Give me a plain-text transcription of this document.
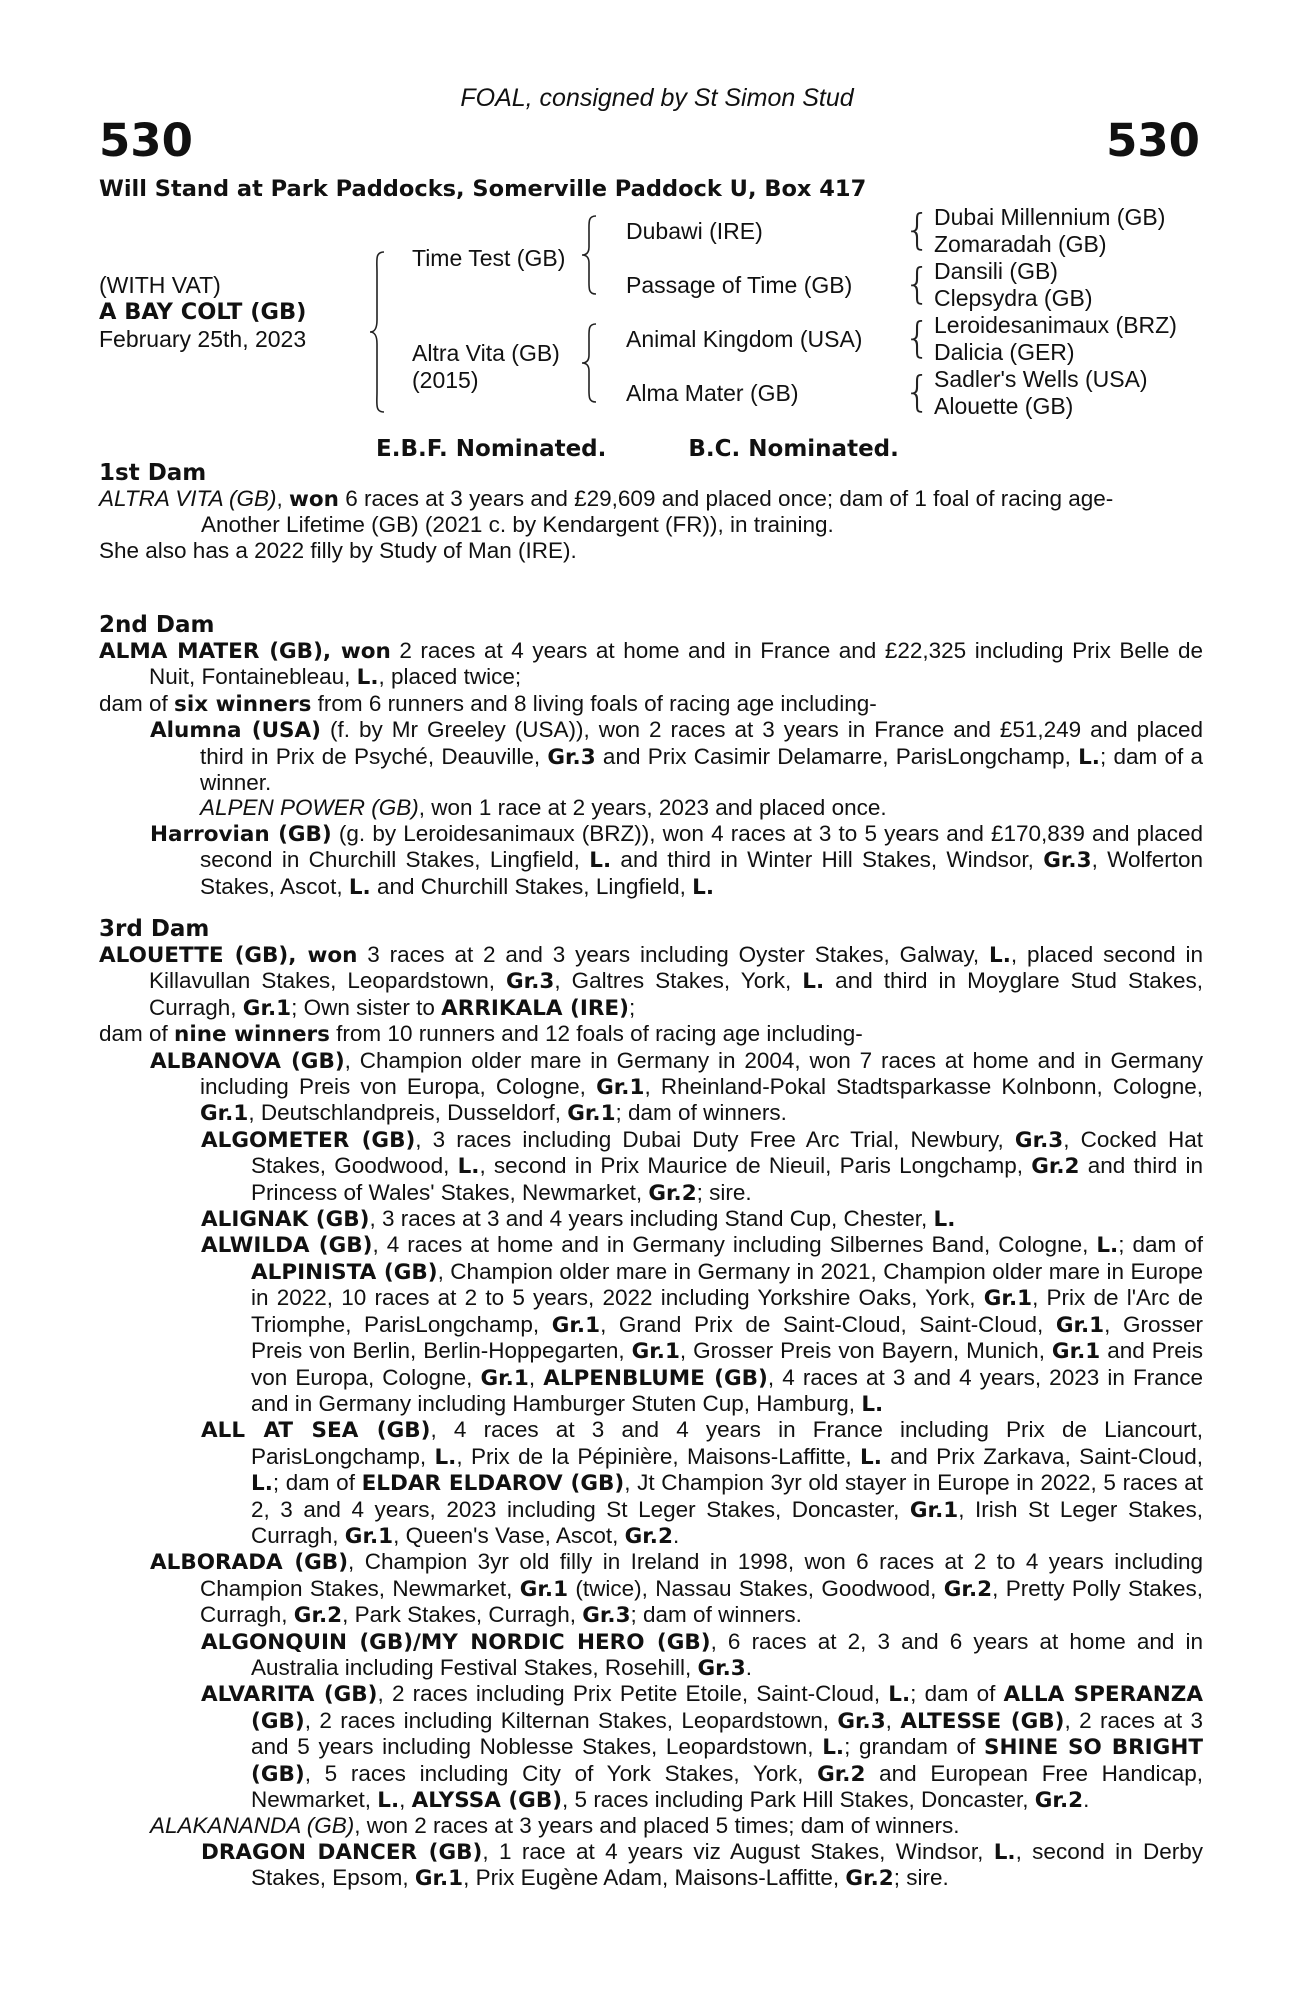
530
FOAL, consigned by St Simon Stud
530
Will Stand at Park Paddocks, Somerville Paddock U, Box 417
(WITH VAT)
A BAY COLT (GB)
February 25th, 2023
Time Test (GB)
Altra Vita (GB)
(2015)
Dubawi (IRE)
Passage of Time (GB)
Animal Kingdom (USA)
Alma Mater (GB)
{
{
{
{
Dubai Millennium (GB)
Zomaradah (GB)
Dansili (GB)
Clepsydra (GB)
Leroidesanimaux (BRZ)
Dalicia (GER)
Sadler's Wells (USA)
Alouette (GB)
E.B.F. Nominated.	B.C. Nominated.
1st Dam

ALTRA VITA (GB), won 6 races at 3 years and £29,609 and placed once; dam of 1 foal of racing age-

Another Lifetime (GB) (2021 c. by Kendargent (FR)), in training.

She also has a 2022 filly by Study of Man (IRE).

2nd Dam

ALMA MATER (GB), won 2 races at 4 years at home and in France and £22,325 including Prix Belle de Nuit, Fontainebleau, L., placed twice;

dam of six winners from 6 runners and 8 living foals of racing age including-

Alumna (USA) (f. by Mr Greeley (USA)), won 2 races at 3 years in France and £51,249 and placed third in Prix de Psyché, Deauville, Gr.3 and Prix Casimir Delamarre, ParisLongchamp, L.; dam of a winner.

ALPEN POWER (GB), won 1 race at 2 years, 2023 and placed once.

Harrovian (GB) (g. by Leroidesanimaux (BRZ)), won 4 races at 3 to 5 years and £170,839 and placed second in Churchill Stakes, Lingfield, L. and third in Winter Hill Stakes, Windsor, Gr.3, Wolferton Stakes, Ascot, L. and Churchill Stakes, Lingfield, L.

3rd Dam

ALOUETTE (GB), won 3 races at 2 and 3 years including Oyster Stakes, Galway, L., placed second in Killavullan Stakes, Leopardstown, Gr.3, Galtres Stakes, York, L. and third in Moyglare Stud Stakes, Curragh, Gr.1; Own sister to ARRIKALA (IRE);

dam of nine winners from 10 runners and 12 foals of racing age including-

ALBANOVA (GB), Champion older mare in Germany in 2004, won 7 races at home and in Germany including Preis von Europa, Cologne, Gr.1, Rheinland-Pokal Stadtsparkasse Kolnbonn, Cologne, Gr.1, Deutschlandpreis, Dusseldorf, Gr.1; dam of winners.

ALGOMETER (GB), 3 races including Dubai Duty Free Arc Trial, Newbury, Gr.3, Cocked Hat Stakes, Goodwood, L., second in Prix Maurice de Nieuil, Paris Longchamp, Gr.2 and third in Princess of Wales' Stakes, Newmarket, Gr.2; sire.

ALIGNAK (GB), 3 races at 3 and 4 years including Stand Cup, Chester, L.

ALWILDA (GB), 4 races at home and in Germany including Silbernes Band, Cologne, L.; dam of ALPINISTA (GB), Champion older mare in Germany in 2021, Champion older mare in Europe in 2022, 10 races at 2 to 5 years, 2022 including Yorkshire Oaks, York, Gr.1, Prix de l'Arc de Triomphe, ParisLongchamp, Gr.1, Grand Prix de Saint-Cloud, Saint-Cloud, Gr.1, Grosser Preis von Berlin, Berlin-Hoppegarten, Gr.1, Grosser Preis von Bayern, Munich, Gr.1 and Preis von Europa, Cologne, Gr.1, ALPENBLUME (GB), 4 races at 3 and 4 years, 2023 in France and in Germany including Hamburger Stuten Cup, Hamburg, L.

ALL AT SEA (GB), 4 races at 3 and 4 years in France including Prix de Liancourt, ParisLongchamp, L., Prix de la Pépinière, Maisons-Laffitte, L. and Prix Zarkava, Saint-Cloud, L.; dam of ELDAR ELDAROV (GB), Jt Champion 3yr old stayer in Europe in 2022, 5 races at 2, 3 and 4 years, 2023 including St Leger Stakes, Doncaster, Gr.1, Irish St Leger Stakes, Curragh, Gr.1, Queen's Vase, Ascot, Gr.2.

ALBORADA (GB), Champion 3yr old filly in Ireland in 1998, won 6 races at 2 to 4 years including Champion Stakes, Newmarket, Gr.1 (twice), Nassau Stakes, Goodwood, Gr.2, Pretty Polly Stakes, Curragh, Gr.2, Park Stakes, Curragh, Gr.3; dam of winners.

ALGONQUIN (GB)/MY NORDIC HERO (GB), 6 races at 2, 3 and 6 years at home and in Australia including Festival Stakes, Rosehill, Gr.3.

ALVARITA (GB), 2 races including Prix Petite Etoile, Saint-Cloud, L.; dam of ALLA SPERANZA (GB), 2 races including Kilternan Stakes, Leopardstown, Gr.3, ALTESSE (GB), 2 races at 3 and 5 years including Noblesse Stakes, Leopardstown, L.; grandam of SHINE SO BRIGHT (GB), 5 races including City of York Stakes, York, Gr.2 and European Free Handicap, Newmarket, L., ALYSSA (GB), 5 races including Park Hill Stakes, Doncaster, Gr.2.

ALAKANANDA (GB), won 2 races at 3 years and placed 5 times; dam of winners.

DRAGON DANCER (GB), 1 race at 4 years viz August Stakes, Windsor, L., second in Derby Stakes, Epsom, Gr.1, Prix Eugène Adam, Maisons-Laffitte, Gr.2; sire.
